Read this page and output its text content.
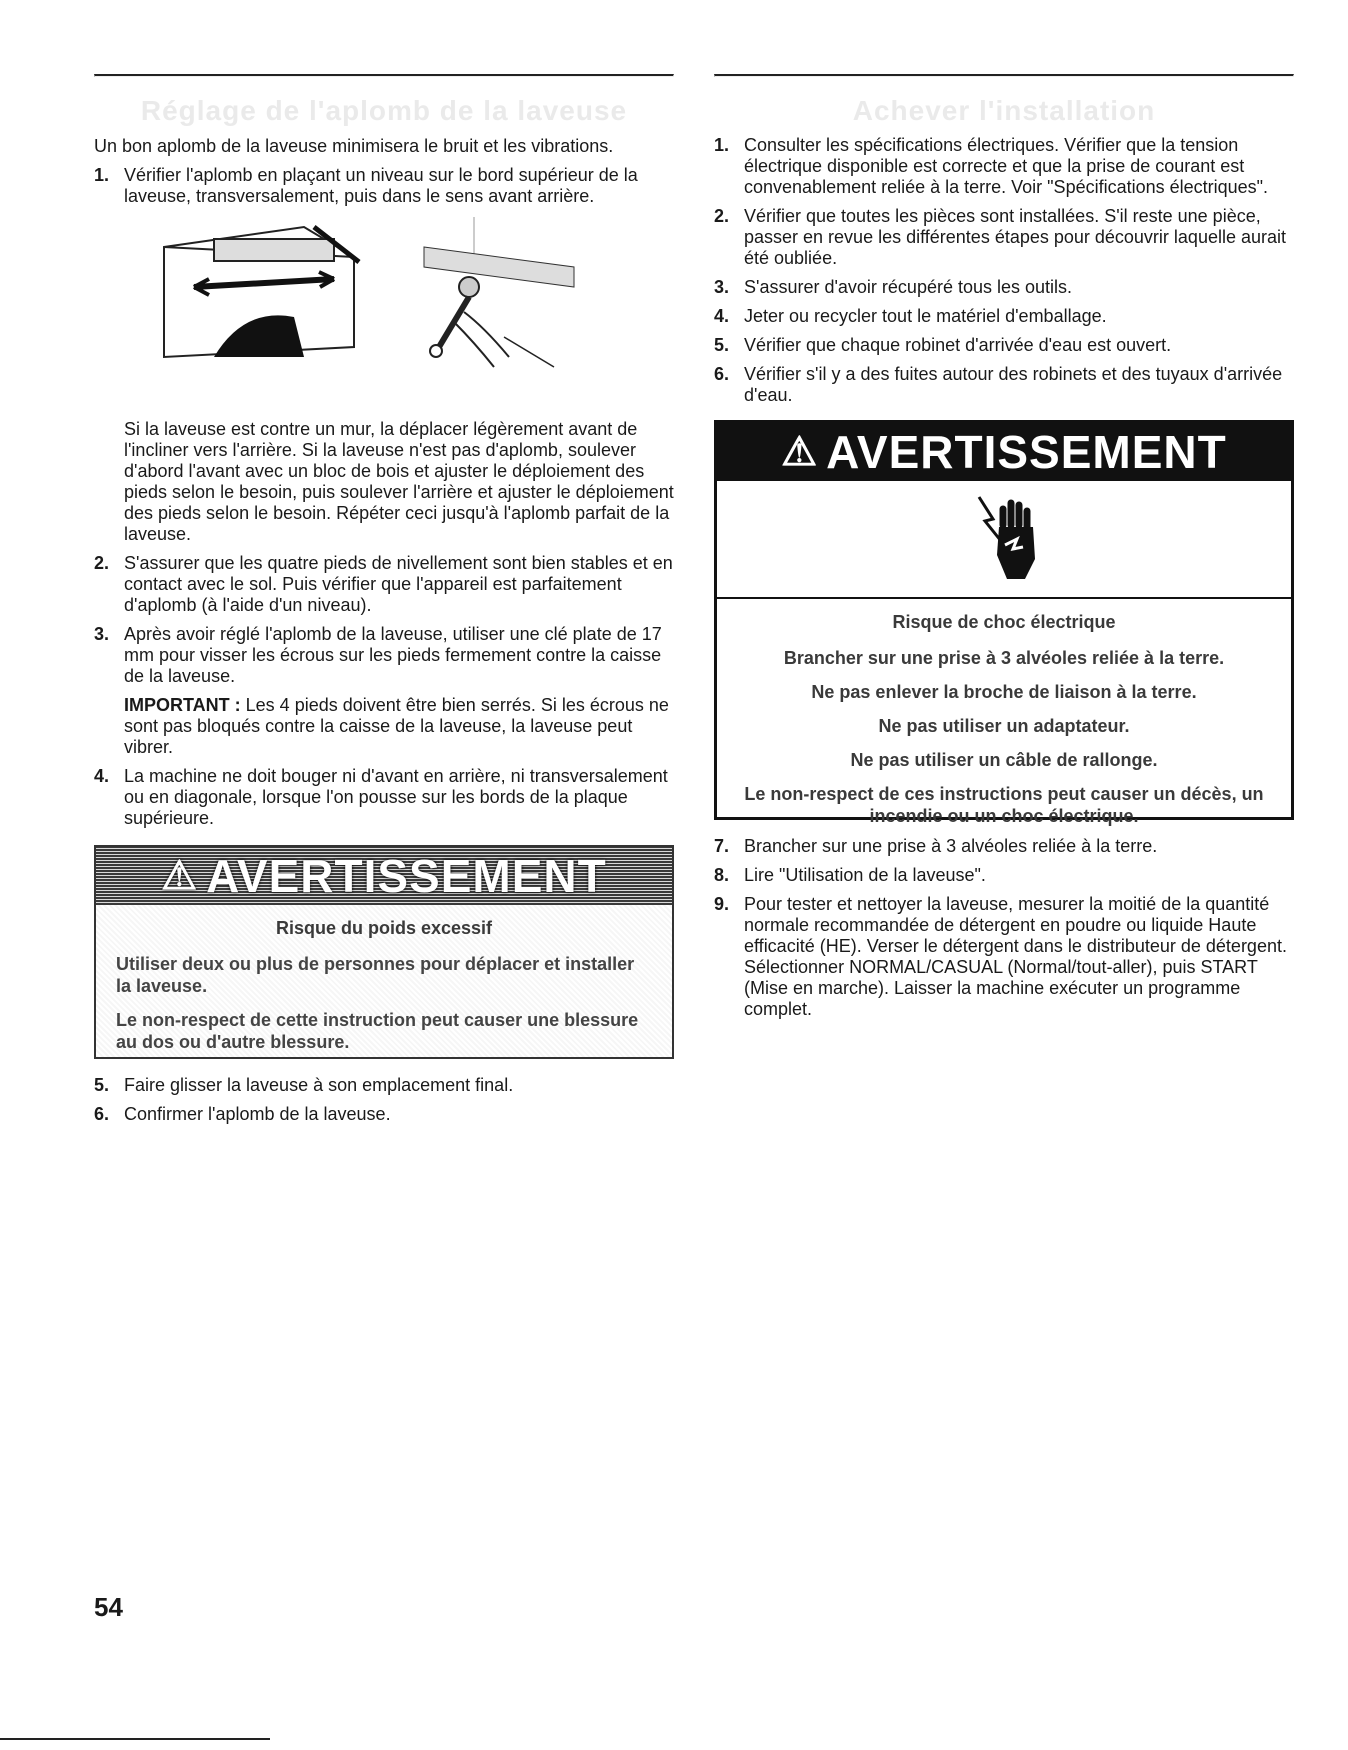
Réglage de l'aplomb de la laveuse

Un bon aplomb de la laveuse minimisera le bruit et les vibrations.

1. Vérifier l'aplomb en plaçant un niveau sur le bord supérieur de la laveuse, transversalement, puis dans le sens avant arrière.

Si la laveuse est contre un mur, la déplacer légèrement avant de l'incliner vers l'arrière. Si la laveuse n'est pas d'aplomb, soulever d'abord l'avant avec un bloc de bois et ajuster le déploiement des pieds selon le besoin, puis soulever l'arrière et ajuster le déploiement des pieds selon le besoin. Répéter ceci jusqu'à l'aplomb parfait de la laveuse.

2. S'assurer que les quatre pieds de nivellement sont bien stables et en contact avec le sol. Puis vérifier que l'appareil est parfaitement d'aplomb (à l'aide d'un niveau).
3. Après avoir réglé l'aplomb de la laveuse, utiliser une clé plate de 17 mm pour visser les écrous sur les pieds fermement contre la caisse de la laveuse.
IMPORTANT : Les 4 pieds doivent être bien serrés. Si les écrous ne sont pas bloqués contre la caisse de la laveuse, la laveuse peut vibrer.
4. La machine ne doit bouger ni d'avant en arrière, ni transversalement ou en diagonale, lorsque l'on pousse sur les bords de la plaque supérieure.
⚠ AVERTISSEMENT

Risque du poids excessif

Utiliser deux ou plus de personnes pour déplacer et installer la laveuse.

Le non-respect de cette instruction peut causer une blessure au dos ou d'autre blessure.

5. Faire glisser la laveuse à son emplacement final.
6. Confirmer l'aplomb de la laveuse.
Achever l'installation
1. Consulter les spécifications électriques. Vérifier que la tension électrique disponible est correcte et que la prise de courant est convenablement reliée à la terre. Voir "Spécifications électriques".
2. Vérifier que toutes les pièces sont installées. S'il reste une pièce, passer en revue les différentes étapes pour découvrir laquelle aurait été oubliée.
3. S'assurer d'avoir récupéré tous les outils.
4. Jeter ou recycler tout le matériel d'emballage.
5. Vérifier que chaque robinet d'arrivée d'eau est ouvert.
6. Vérifier s'il y a des fuites autour des robinets et des tuyaux d'arrivée d'eau.
⚠ AVERTISSEMENT

Risque de choc électrique

Brancher sur une prise à 3 alvéoles reliée à la terre.

Ne pas enlever la broche de liaison à la terre.

Ne pas utiliser un adaptateur.

Ne pas utiliser un câble de rallonge.

Le non-respect de ces instructions peut causer un décès, un incendie ou un choc électrique.

7. Brancher sur une prise à 3 alvéoles reliée à la terre.
8. Lire "Utilisation de la laveuse".
9. Pour tester et nettoyer la laveuse, mesurer la moitié de la quantité normale recommandée de détergent en poudre ou liquide Haute efficacité (HE). Verser le détergent dans le distributeur de détergent. Sélectionner NORMAL/CASUAL (Normal/tout-aller), puis START (Mise en marche). Laisser la machine exécuter un programme complet.
54
